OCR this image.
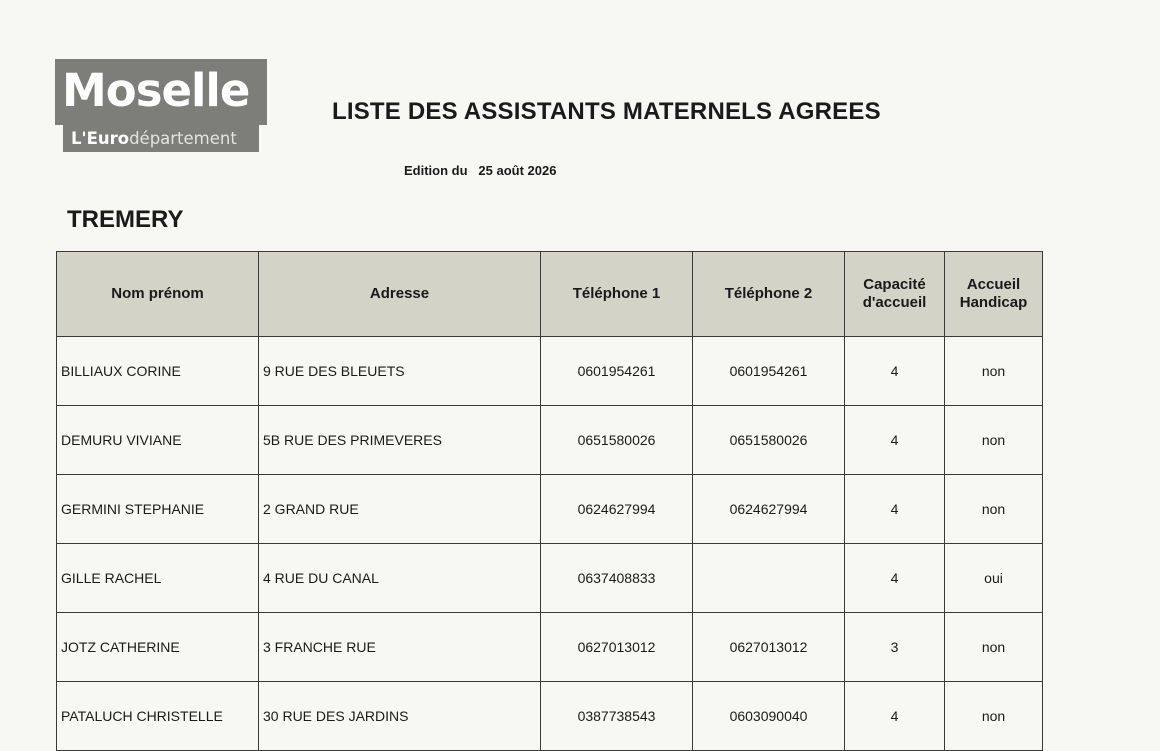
Moselle
L'Eurodépartement
LISTE DES ASSISTANTS MATERNELS AGREES
Edition du 25 août 2026
TREMERY
Nom prénom	Adresse	Téléphone 1	Téléphone 2	Capacité d'accueil	Accueil Handicap
BILLIAUX CORINE	9 RUE DES BLEUETS	0601954261	0601954261	4	non
DEMURU VIVIANE	5B RUE DES PRIMEVERES	0651580026	0651580026	4	non
GERMINI STEPHANIE	2 GRAND RUE	0624627994	0624627994	4	non
GILLE RACHEL	4 RUE DU CANAL	0637408833		4	oui
JOTZ CATHERINE	3 FRANCHE RUE	0627013012	0627013012	3	non
PATALUCH CHRISTELLE	30 RUE DES JARDINS	0387738543	0603090040	4	non
